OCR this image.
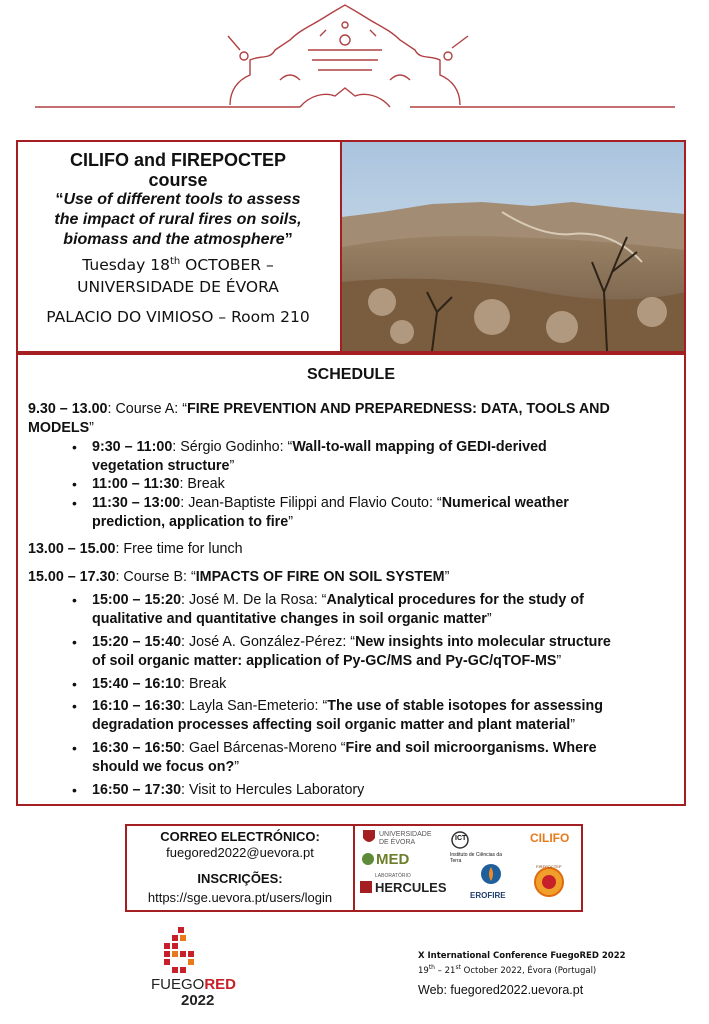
CILIFO and FIREPOCTEP
course
“Use of different tools to assess
the impact of rural fires on soils,
biomass and the atmosphere”
Tuesday 18th OCTOBER –
UNIVERSIDADE DE ÉVORA
PALACIO DO VIMIOSO – Room 210
SCHEDULE
9.30 – 13.00: Course A: “FIRE PREVENTION AND PREPAREDNESS: DATA, TOOLS AND
MODELS”
• 9:30 – 11:00: Sérgio Godinho: “Wall-to-wall mapping of GEDI-derived
vegetation structure”
• 11:00 – 11:30: Break
• 11:30 – 13:00: Jean-Baptiste Filippi and Flavio Couto: “Numerical weather
prediction, application to fire”
13.00 – 15.00: Free time for lunch
15.00 – 17.30: Course B: “IMPACTS OF FIRE ON SOIL SYSTEM”
• 15:00 – 15:20: José M. De la Rosa: “Analytical procedures for the study of
qualitative and quantitative changes in soil organic matter”
• 15:20 – 15:40: José A. González-Pérez: “New insights into molecular structure
of soil organic matter: application of Py-GC/MS and Py-GC/qTOF-MS”
• 15:40 – 16:10: Break
• 16:10 – 16:30: Layla San-Emeterio: “The use of stable isotopes for assessing
degradation processes affecting soil organic matter and plant material”
• 16:30 – 16:50: Gael Bárcenas-Moreno “Fire and soil microorganisms. Where
should we focus on?”
• 16:50 – 17:30: Visit to Hercules Laboratory
CORREO ELECTRÓNICO:
fuegored2022@uevora.pt
INSCRIÇÕES:
https://sge.uevora.pt/users/login
UNIVERSIDADE
DE ÉVORA
ICT
Instituto de Ciências da Terra
CILIFO
MED
LABORATÓRIO
HERCULES
EROFIRE
FIREPOCTEP
FUEGORED
2022
X International Conference FuegoRED 2022
19th – 21st October 2022, Évora (Portugal)
Web: fuegored2022.uevora.pt
